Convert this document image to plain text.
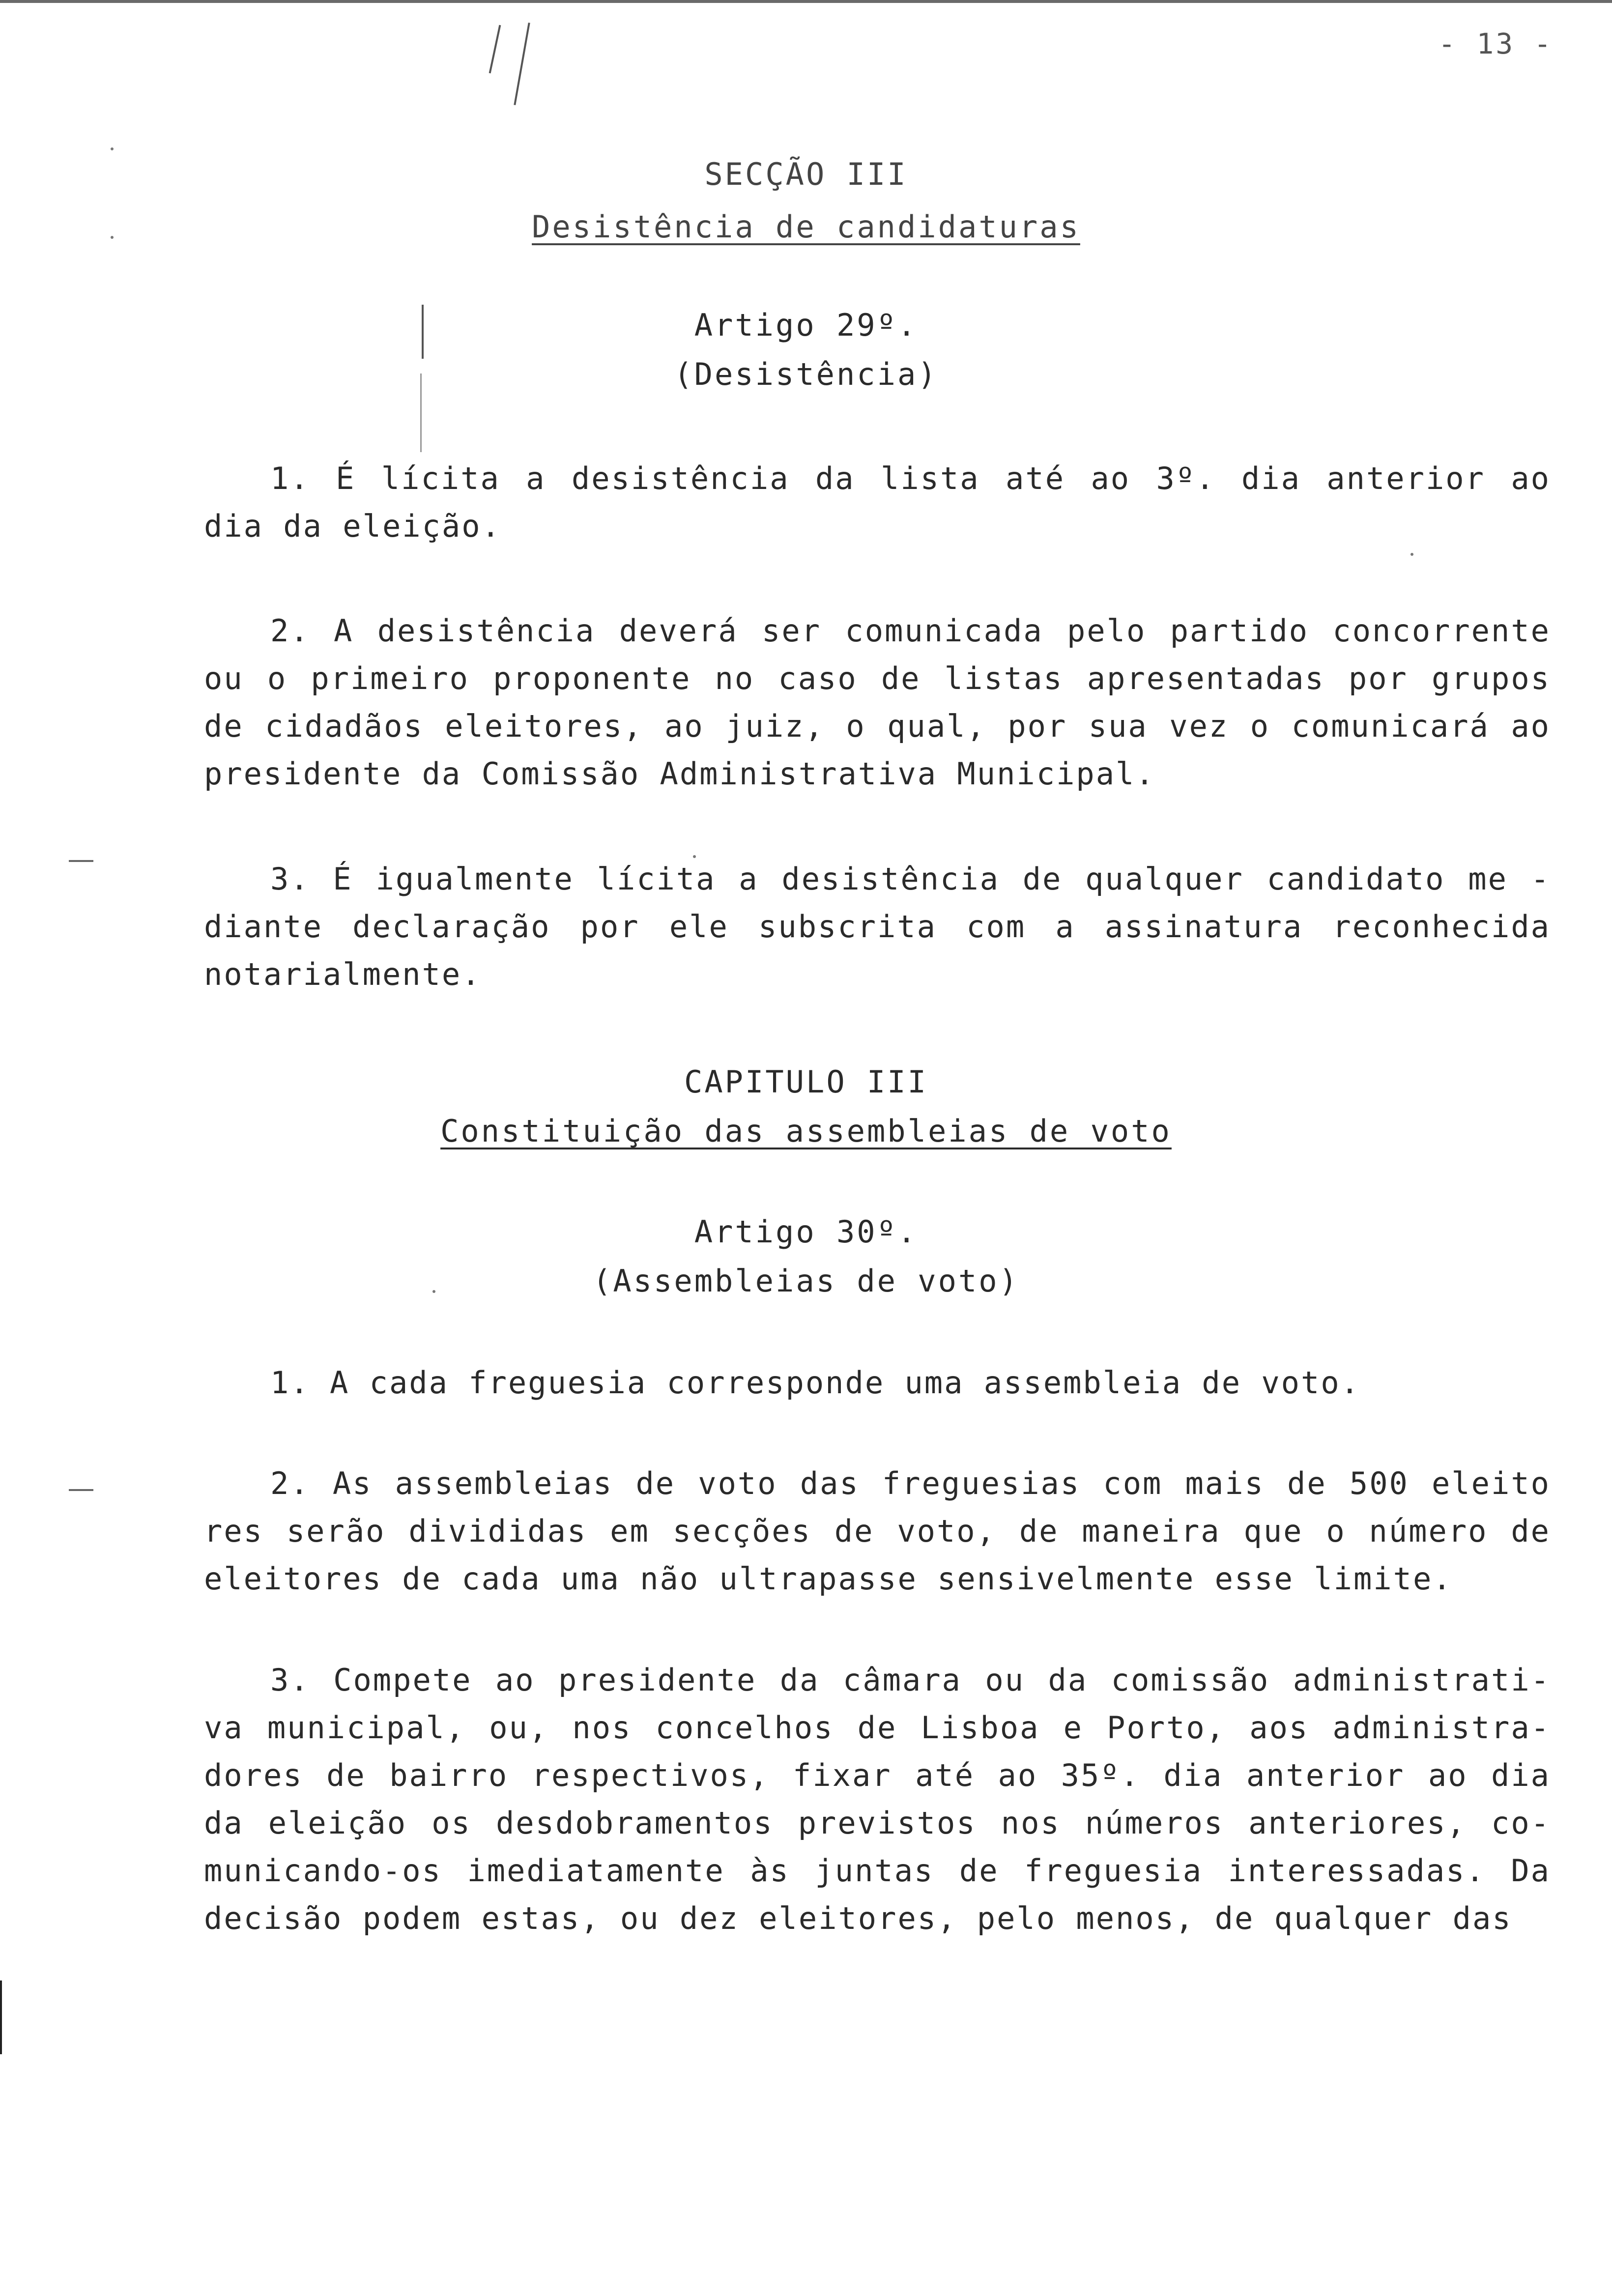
- 13 -
SECÇÃO III
Desistência de candidaturas
Artigo 29º.
(Desistência)

1. É lícita a desistência da lista até ao 3º. dia anterior ao dia da eleição.

2. A desistência deverá ser comunicada pelo partido concorrente ou o primeiro proponente no caso de listas apresentadas por grupos de cidadãos eleitores, ao juiz, o qual, por sua vez o comunicará ao presidente da Comissão Administrativa Municipal.

3. É igualmente lícita a desistência de qualquer candidato me - diante declaração por ele subscrita com a assinatura reconhecida notarialmente.

CAPITULO III
Constituição das assembleias de voto
Artigo 30º.
(Assembleias de voto)

1. A cada freguesia corresponde uma assembleia de voto.

2. As assembleias de voto das freguesias com mais de 500 eleito res serão divididas em secções de voto, de maneira que o número de eleitores de cada uma não ultrapasse sensivelmente esse limite.

3. Compete ao presidente da câmara ou da comissão administrati- va municipal, ou, nos concelhos de Lisboa e Porto, aos administra- dores de bairro respectivos, fixar até ao 35º. dia anterior ao dia da eleição os desdobramentos previstos nos números anteriores, co- municando-os imediatamente às juntas de freguesia interessadas. Da decisão podem estas, ou dez eleitores, pelo menos, de qualquer das
